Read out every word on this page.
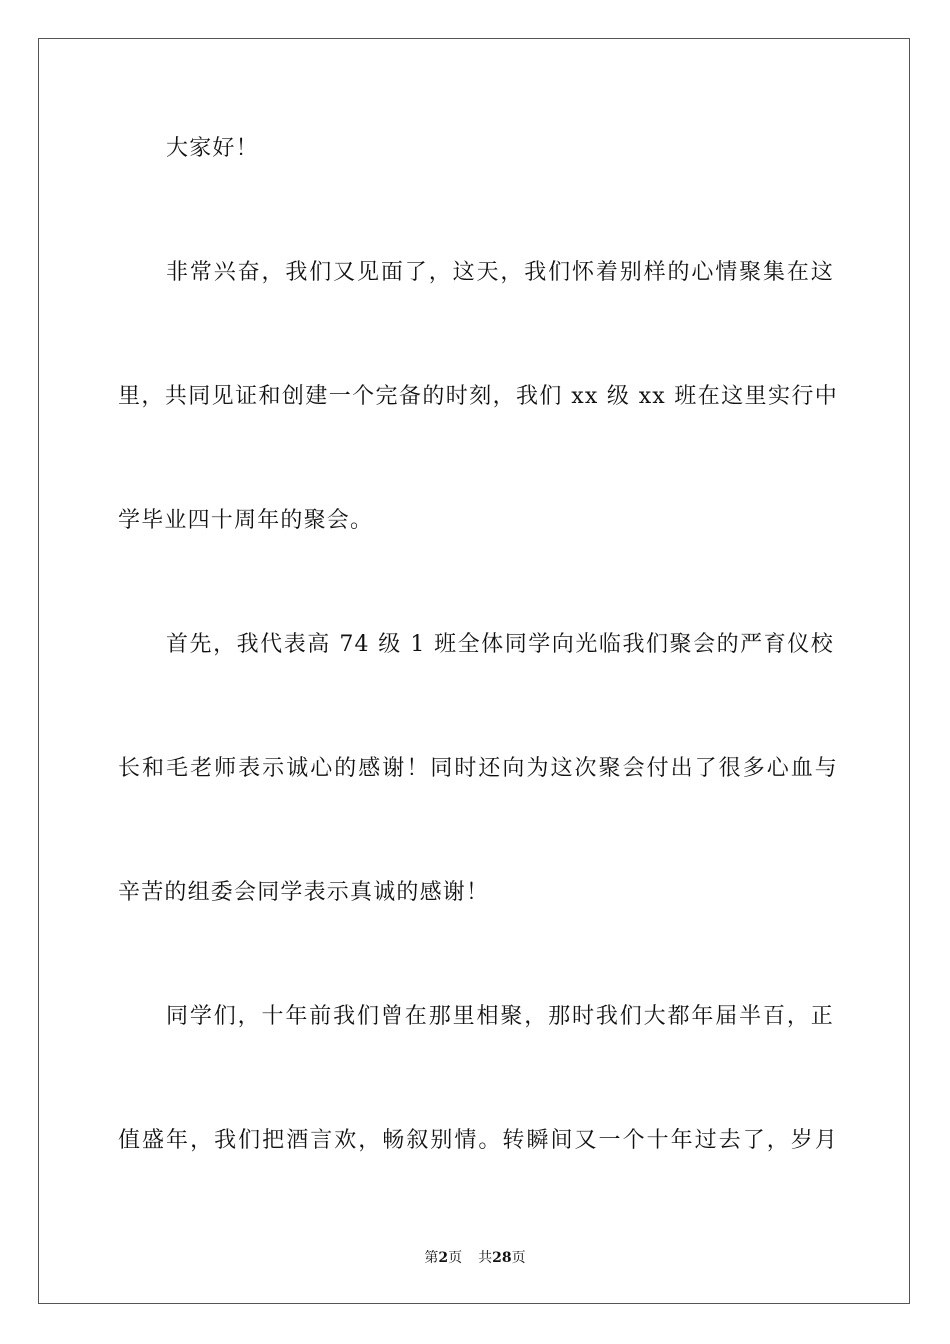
大家好！
非常兴奋，我们又见面了，这天，我们怀着别样的心情聚集在这
里，共同见证和创建一个完备的时刻，我们 xx 级 xx 班在这里实行中
学毕业四十周年的聚会。
首先，我代表高 74 级 1 班全体同学向光临我们聚会的严育仪校
长和毛老师表示诚心的感谢！同时还向为这次聚会付出了很多心血与
辛苦的组委会同学表示真诚的感谢！
同学们，十年前我们曾在那里相聚，那时我们大都年届半百，正
值盛年，我们把酒言欢，畅叙别情。转瞬间又一个十年过去了，岁月
第2页 共28页
